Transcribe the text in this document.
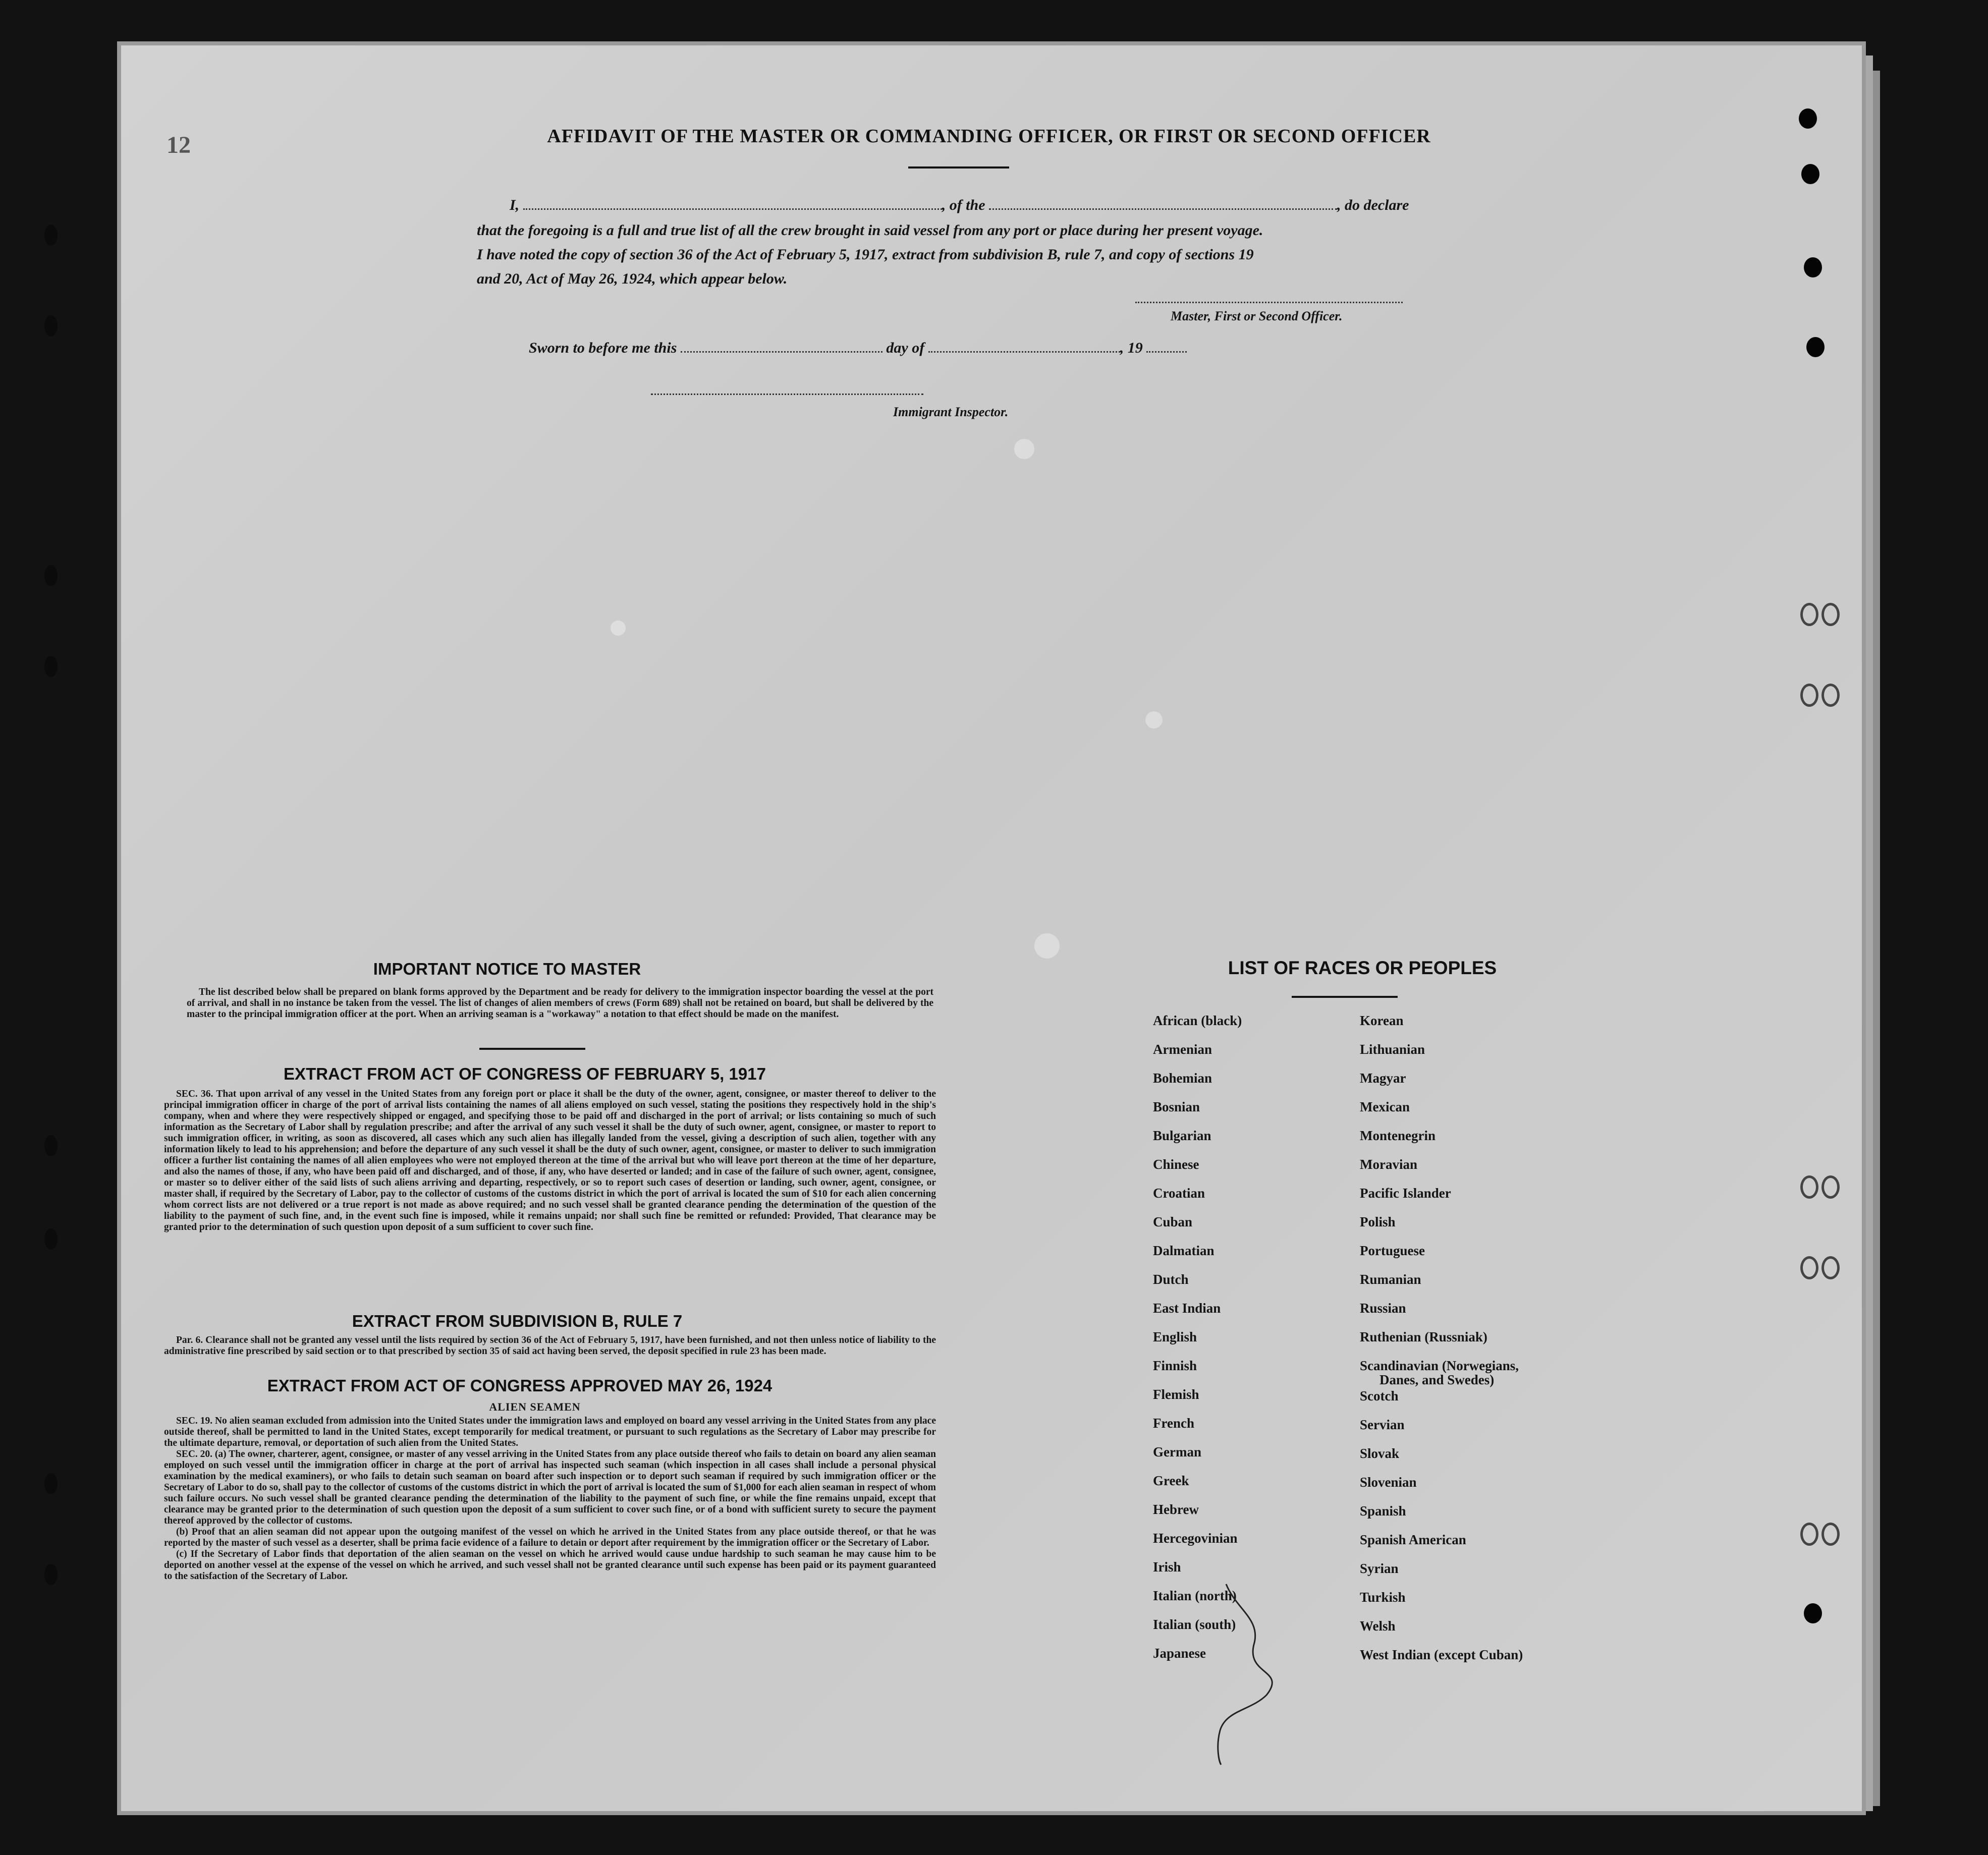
12	AFFIDAVIT OF THE MASTER OR COMMANDING OFFICER, OR FIRST OR SECOND OFFICER
I,	, of the	, do declare
that the foregoing is a full and true list of all the crew brought in said vessel from any port or place during her present voyage.
I have noted the copy of section 36 of the Act of February 5, 1917, extract from subdivision B, rule 7, and copy of sections 19
and 20, Act of May 26, 1924, which appear below.
Master, First or Second Officer.
Sworn to before me this	day of	, 19
Immigrant Inspector.
IMPORTANT NOTICE TO MASTER

The list described below shall be prepared on blank forms approved by the Department and be ready for delivery to the immigration inspector boarding the vessel at the port of arrival, and shall in no instance be taken from the vessel. The list of changes of alien members of crews (Form 689) shall not be retained on board, but shall be delivered by the master to the principal immigration officer at the port. When an arriving seaman is a "workaway" a notation to that effect should be made on the manifest.

EXTRACT FROM ACT OF CONGRESS OF FEBRUARY 5, 1917

SEC. 36. That upon arrival of any vessel in the United States from any foreign port or place it shall be the duty of the owner, agent, consignee, or master thereof to deliver to the principal immigration officer in charge of the port of arrival lists containing the names of all aliens employed on such vessel, stating the positions they respectively hold in the ship's company, when and where they were respectively shipped or engaged, and specifying those to be paid off and discharged in the port of arrival; or lists containing so much of such information as the Secretary of Labor shall by regulation prescribe; and after the arrival of any such vessel it shall be the duty of such owner, agent, consignee, or master to report to such immigration officer, in writing, as soon as discovered, all cases which any such alien has illegally landed from the vessel, giving a description of such alien, together with any information likely to lead to his apprehension; and before the departure of any such vessel it shall be the duty of such owner, agent, consignee, or master to deliver to such immigration officer a further list containing the names of all alien employees who were not employed thereon at the time of the arrival but who will leave port thereon at the time of her departure, and also the names of those, if any, who have been paid off and discharged, and of those, if any, who have deserted or landed; and in case of the failure of such owner, agent, consignee, or master so to deliver either of the said lists of such aliens arriving and departing, respectively, or so to report such cases of desertion or landing, such owner, agent, consignee, or master shall, if required by the Secretary of Labor, pay to the collector of customs of the customs district in which the port of arrival is located the sum of $10 for each alien concerning whom correct lists are not delivered or a true report is not made as above required; and no such vessel shall be granted clearance pending the determination of the question of the liability to the payment of such fine, and, in the event such fine is imposed, while it remains unpaid; nor shall such fine be remitted or refunded: Provided, That clearance may be granted prior to the determination of such question upon deposit of a sum sufficient to cover such fine.

EXTRACT FROM SUBDIVISION B, RULE 7

Par. 6. Clearance shall not be granted any vessel until the lists required by section 36 of the Act of February 5, 1917, have been furnished, and not then unless notice of liability to the administrative fine prescribed by said section or to that prescribed by section 35 of said act having been served, the deposit specified in rule 23 has been made.

EXTRACT FROM ACT OF CONGRESS APPROVED MAY 26, 1924
ALIEN SEAMEN

SEC. 19. No alien seaman excluded from admission into the United States under the immigration laws and employed on board any vessel arriving in the United States from any place outside thereof, shall be permitted to land in the United States, except temporarily for medical treatment, or pursuant to such regulations as the Secretary of Labor may prescribe for the ultimate departure, removal, or deportation of such alien from the United States.

SEC. 20. (a) The owner, charterer, agent, consignee, or master of any vessel arriving in the United States from any place outside thereof who fails to detain on board any alien seaman employed on such vessel until the immigration officer in charge at the port of arrival has inspected such seaman (which inspection in all cases shall include a personal physical examination by the medical examiners), or who fails to detain such seaman on board after such inspection or to deport such seaman if required by such immigration officer or the Secretary of Labor to do so, shall pay to the collector of customs of the customs district in which the port of arrival is located the sum of $1,000 for each alien seaman in respect of whom such failure occurs. No such vessel shall be granted clearance pending the determination of the liability to the payment of such fine, or while the fine remains unpaid, except that clearance may be granted prior to the determination of such question upon the deposit of a sum sufficient to cover such fine, or of a bond with sufficient surety to secure the payment thereof approved by the collector of customs.

(b) Proof that an alien seaman did not appear upon the outgoing manifest of the vessel on which he arrived in the United States from any place outside thereof, or that he was reported by the master of such vessel as a deserter, shall be prima facie evidence of a failure to detain or deport after requirement by the immigration officer or the Secretary of Labor.

(c) If the Secretary of Labor finds that deportation of the alien seaman on the vessel on which he arrived would cause undue hardship to such seaman he may cause him to be deported on another vessel at the expense of the vessel on which he arrived, and such vessel shall not be granted clearance until such expense has been paid or its payment guaranteed to the satisfaction of the Secretary of Labor.

LIST OF RACES OR PEOPLES
African (black)
Armenian
Bohemian
Bosnian
Bulgarian
Chinese
Croatian
Cuban
Dalmatian
Dutch
East Indian
English
Finnish
Flemish
French
German
Greek
Hebrew
Hercegovinian
Irish
Italian (north)
Italian (south)
Japanese
Korean
Lithuanian
Magyar
Mexican
Montenegrin
Moravian
Pacific Islander
Polish
Portuguese
Rumanian
Russian
Ruthenian (Russniak)
Scandinavian (Norwegians,
Danes, and Swedes)
Scotch
Servian
Slovak
Slovenian
Spanish
Spanish American
Syrian
Turkish
Welsh
West Indian (except Cuban)
